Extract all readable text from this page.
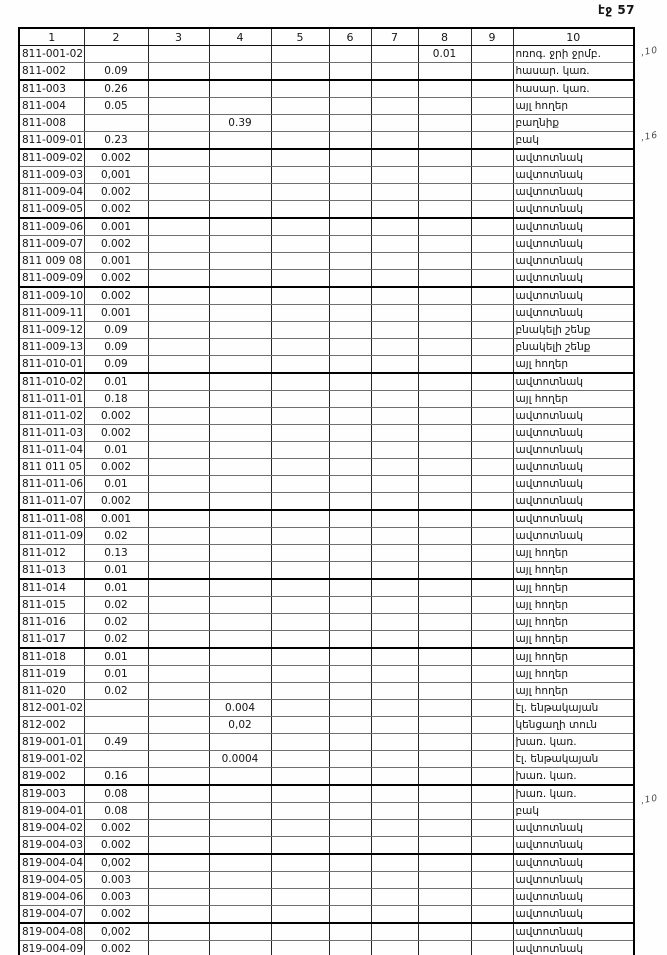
էջ 57
1	2	3	4	5	6	7	8	9	10
811-001-02							0.01		ոռոգ. ջրի ջրմբ.
811-002	0.09								հասար. կառ.
811-003	0.26								հասար. կառ.
811-004	0.05								այլ հողեր
811-008			0.39						բաղնիք
811-009-01	0.23								բակ
811-009-02	0.002								ավտոտնակ
811-009-03	0,001								ավտոտնակ
811-009-04	0.002								ավտոտնակ
811-009-05	0.002								ավտոտնակ
811-009-06	0.001								ավտոտնակ
811-009-07	0.002								ավտոտնակ
811 009 08	0.001								ավտոտնակ
811-009-09	0.002								ավտոտնակ
811-009-10	0.002								ավտոտնակ
811-009-11	0.001								ավտոտնակ
811-009-12	0.09								բնակելի շենք
811-009-13	0.09								բնակելի շենք
811-010-01	0.09								այլ հողեր
811-010-02	0.01								ավտոտնակ
811-011-01	0.18								այլ հողեր
811-011-02	0.002								ավտոտնակ
811-011-03	0.002								ավտոտնակ
811-011-04	0.01								ավտոտնակ
811 011 05	0.002								ավտոտնակ
811-011-06	0.01								ավտոտնակ
811-011-07	0.002								ավտոտնակ
811-011-08	0.001								ավտոտնակ
811-011-09	0.02								ավտոտնակ
811-012	0.13								այլ հողեր
811-013	0.01								այլ հողեր
811-014	0.01								այլ հողեր
811-015	0.02								այլ հողեր
811-016	0.02								այլ հողեր
811-017	0.02								այլ հողեր
811-018	0.01								այլ հողեր
811-019	0.01								այլ հողեր
811-020	0.02								այլ հողեր
812-001-02			0.004						էլ. ենթակայան
812-002			0,02						կենցաղի տուն
819-001-01	0.49								խառ. կառ.
819-001-02			0.0004						էլ. ենթակայան
819-002	0.16								խառ. կառ.
819-003	0.08								խառ. կառ.
819-004-01	0.08								բակ
819-004-02	0.002								ավտոտնակ
819-004-03	0.002								ավտոտնակ
819-004-04	0,002								ավտոտնակ
819-004-05	0.003								ավտոտնակ
819-004-06	0.003								ավտոտնակ
819-004-07	0.002								ավտոտնակ
819-004-08	0,002								ավտոտնակ
819-004-09	0.002								ավտոտնակ
,10
,16
,10
